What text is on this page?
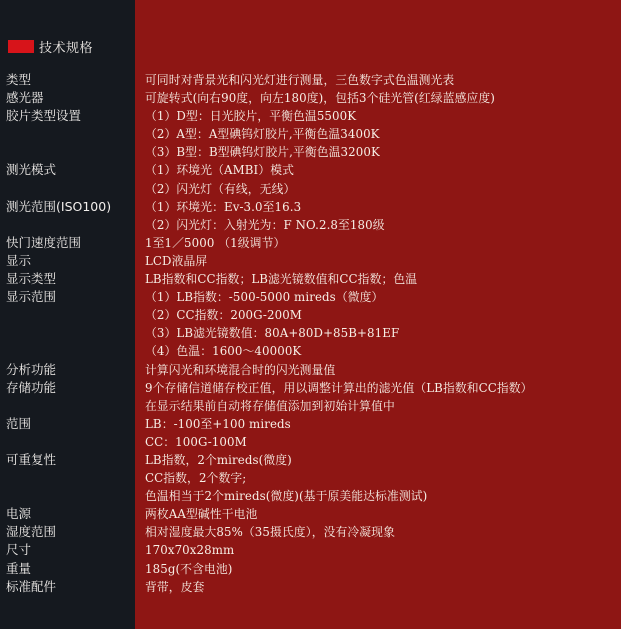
技术规格
类型	可同时对背景光和闪光灯进行测量，三色数字式色温测光表
感光器	可旋转式(向右90度，向左180度)，包括3个硅光管(红绿蓝感应度)
胶片类型设置	（1）D型：日光胶片，平衡色温5500K
（2）A型：A型碘钨灯胶片,平衡色温3400K
（3）B型：B型碘钨灯胶片,平衡色温3200K
测光模式	（1）环境光（AMBI）模式
（2）闪光灯（有线，无线）
测光范围(ISO100)	（1）环境光：Ev-3.0至16.3
（2）闪光灯：入射光为：F NO.2.8至180级
快门速度范围	1至1／5000 （1级调节）
显示	LCD液晶屏
显示类型	LB指数和CC指数；LB滤光镜数值和CC指数；色温
显示范围	（1）LB指数：-500-5000 mireds（微度）
（2）CC指数：200G-200M
（3）LB滤光镜数值：80A+80D+85B+81EF
（4）色温：1600～40000K
分析功能	计算闪光和环境混合时的闪光测量值
存储功能	9个存储信道储存校正值，用以调整计算出的滤光值（LB指数和CC指数）
在显示结果前自动将存储值添加到初始计算值中
范围	LB：-100至+100 mireds
CC：100G-100M
可重复性	LB指数，2个mireds(微度)
CC指数，2个数字;
色温相当于2个mireds(微度)(基于原美能达标准测试)
电源	两枚AA型碱性干电池
湿度范围	相对湿度最大85%（35摄氏度），没有冷凝现象
尺寸	170x70x28mm
重量	185g(不含电池)
标准配件	背带，皮套
